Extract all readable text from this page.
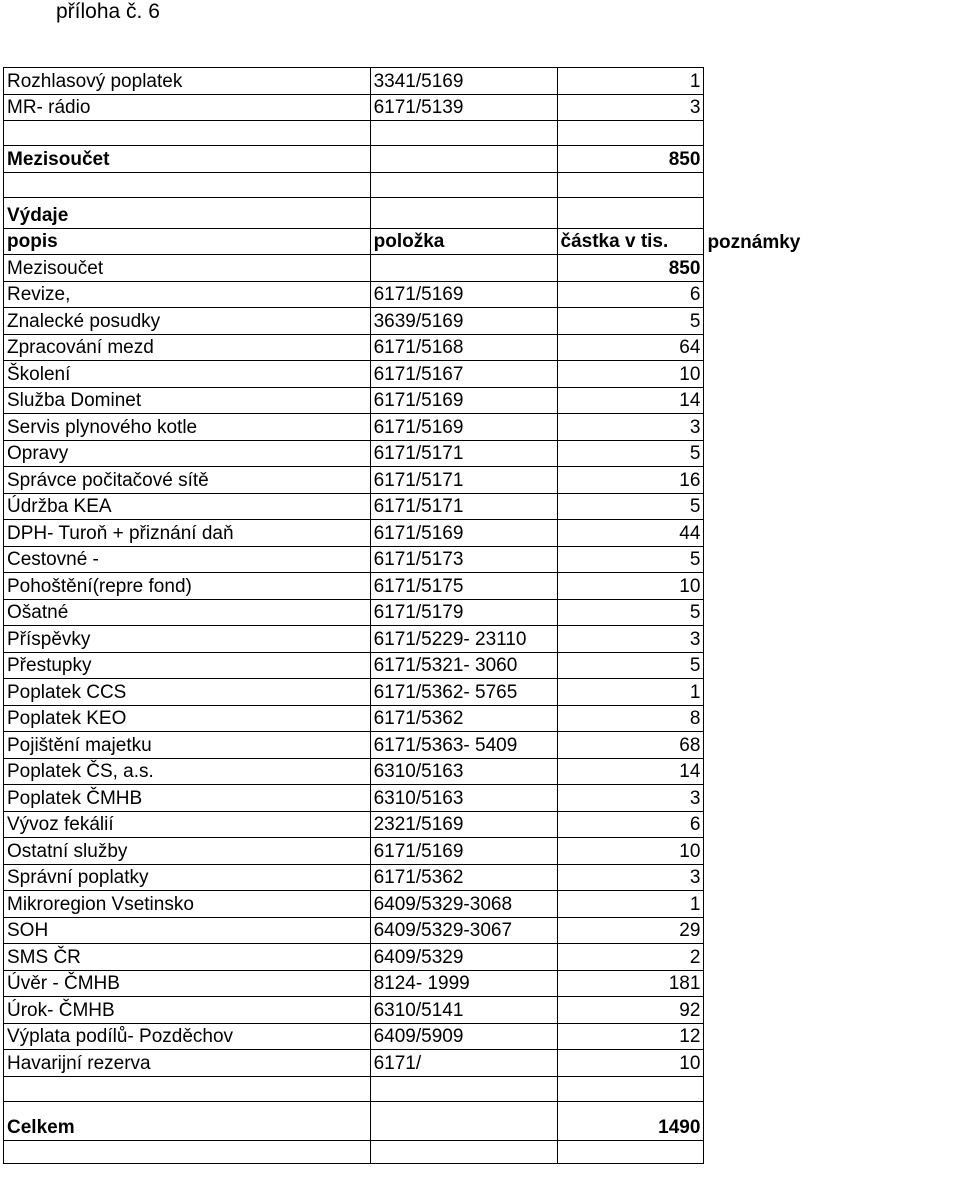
příloha č. 6
Rozhlasový poplatek	3341/5169	1	
MR- rádio	6171/5139	3	

Mezisoučet		850	

Výdaje			
popis	položka	částka v tis.	poznámky
Mezisoučet		850	
Revize,	6171/5169	6	
Znalecké posudky	3639/5169	5	
Zpracování mezd	6171/5168	64	
Školení	6171/5167	10	
Služba Dominet	6171/5169	14	
Servis plynového kotle	6171/5169	3	
Opravy	6171/5171	5	
Správce počitačové sítě	6171/5171	16	
Údržba KEA	6171/5171	5	
DPH- Turoň + přiznání daň	6171/5169	44	
Cestovné -	6171/5173	5	
Pohoštění(repre fond)	6171/5175	10	
Ošatné	6171/5179	5	
Příspěvky	6171/5229- 23110	3	
Přestupky	6171/5321- 3060	5	
Poplatek CCS	6171/5362- 5765	1	
Poplatek KEO	6171/5362	8	
Pojištění majetku	6171/5363- 5409	68	
Poplatek ČS, a.s.	6310/5163	14	
Poplatek ČMHB	6310/5163	3	
Vývoz fekálií	2321/5169	6	
Ostatní služby	6171/5169	10	
Správní poplatky	6171/5362	3	
Mikroregion Vsetinsko	6409/5329-3068	1	
SOH	6409/5329-3067	29	
SMS ČR	6409/5329	2	
Úvěr - ČMHB	8124- 1999	181	
Úrok- ČMHB	6310/5141	92	
Výplata podílů- Pozděchov	6409/5909	12	
Havarijní rezerva	6171/	10	

Celkem		1490	
